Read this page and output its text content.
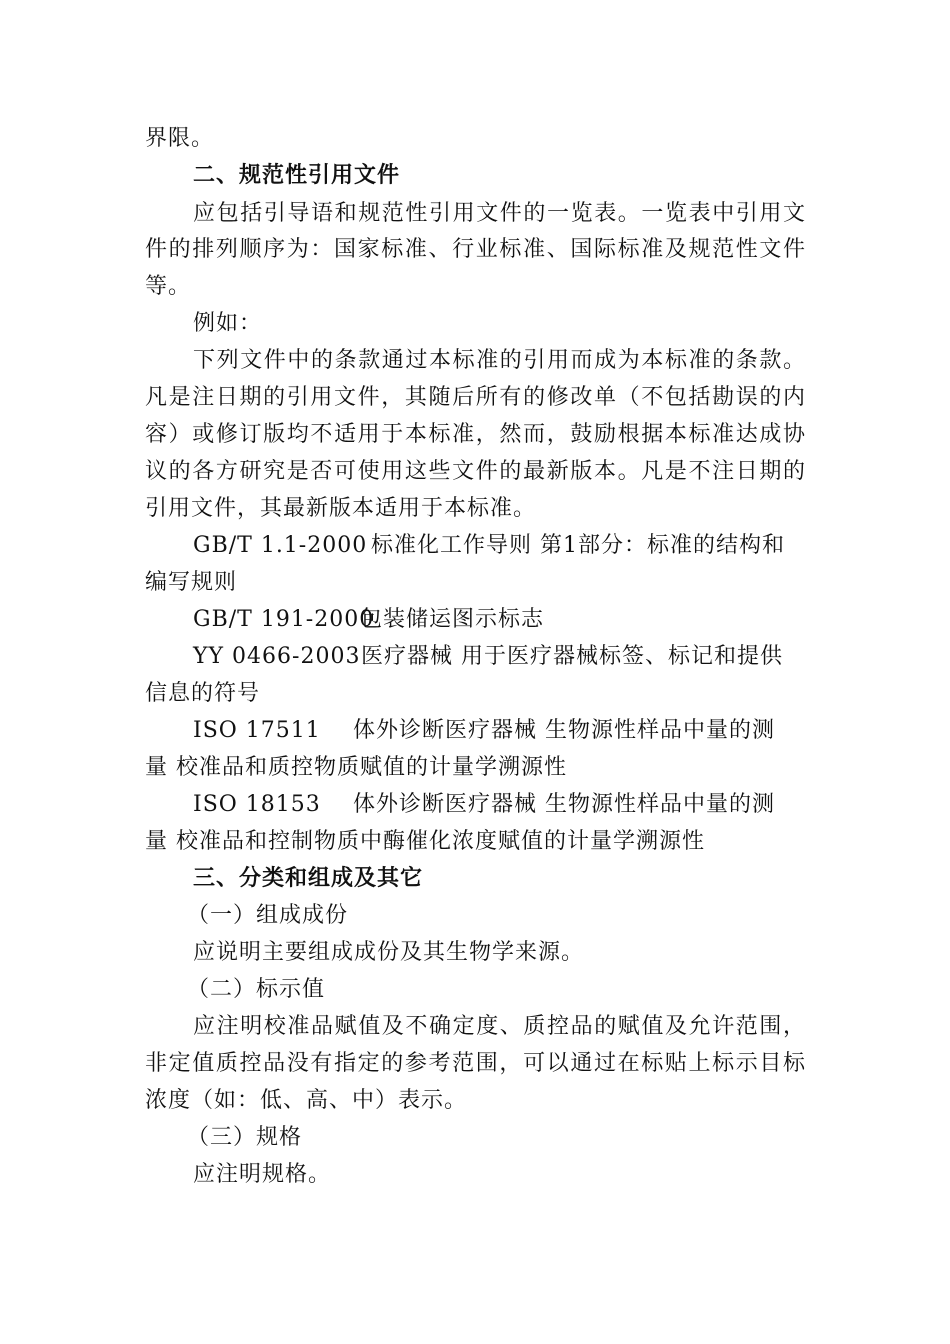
界限。
二、规范性引用文件
应包括引导语和规范性引用文件的一览表。一览表中引用文
件的排列顺序为：国家标准、行业标准、国际标准及规范性文件
等。
例如：
下列文件中的条款通过本标准的引用而成为本标准的条款。
凡是注日期的引用文件，其随后所有的修改单（不包括勘误的内
容）或修订版均不适用于本标准，然而，鼓励根据本标准达成协
议的各方研究是否可使用这些文件的最新版本。凡是不注日期的
引用文件，其最新版本适用于本标准。
GB/T 1.1-2000 标准化工作导则 第1部分：标准的结构和
编写规则
GB/T 191-2000包装储运图示标志
YY 0466-2003医疗器械 用于医疗器械标签、标记和提供
信息的符号
ISO 17511 体外诊断医疗器械 生物源性样品中量的测
量 校准品和质控物质赋值的计量学溯源性
ISO 18153 体外诊断医疗器械 生物源性样品中量的测
量 校准品和控制物质中酶催化浓度赋值的计量学溯源性
三、分类和组成及其它
（一）组成成份
应说明主要组成成份及其生物学来源。
（二）标示值
应注明校准品赋值及不确定度、质控品的赋值及允许范围，
非定值质控品没有指定的参考范围，可以通过在标贴上标示目标
浓度（如：低、高、中）表示。
（三）规格
应注明规格。
